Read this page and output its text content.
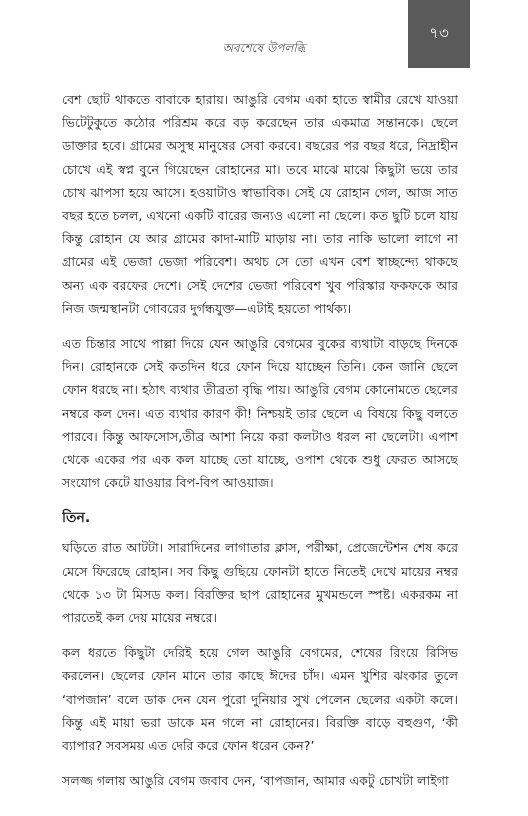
অবশেষে উপলব্ধি
৭৩

বেশ ছোট থাকতে বাবাকে হারায়। আঙুরি বেগম একা হাতে স্বামীর রেখে যাওয়া ভিটেটুকুতে কঠোর পরিশ্রম করে বড় করেছেন তার একমাত্র সন্তানকে। ছেলে ডাক্তার হবে। গ্রামের অসুস্থ মানুষের সেবা করবে। বছরের পর বছর ধরে, নিদ্রাহীন চোখে এই স্বপ্ন বুনে গিয়েছেন রোহানের মা। তবে মাঝে মাঝে কিছুটা ভয়ে তার চোখ ঝাপসা হয়ে আসে। হওয়াটাও স্বাভাবিক। সেই যে রোহান গেল, আজ সাত বছর হতে চলল, এখনো একটি বারের জন্যও এলো না ছেলে। কত ছুটি চলে যায় কিন্তু রোহান যে আর গ্রামের কাদা-মাটি মাড়ায় না। তার নাকি ভালো লাগে না গ্রামের এই ভেজা ভেজা পরিবেশ। অথচ সে তো এখন বেশ স্বাচ্ছন্দ্যে থাকছে অন্য এক বরফের দেশে। সেই দেশের ভেজা পরিবেশ খুব পরিস্কার ফকফকে আর নিজ জন্মস্থানটা গোবরের দুর্গন্ধযুক্ত—এটাই হয়তো পার্থক্য।

এত চিন্তার সাথে পাল্লা দিয়ে যেন আঙুরি বেগমের বুকের ব্যথাটা বাড়ছে দিনকে দিন। রোহানকে সেই কতদিন ধরে ফোন দিয়ে যাচ্ছেন তিনি। কেন জানি ছেলে ফোন ধরছে না। হঠাৎ ব্যথার তীব্রতা বৃদ্ধি পায়। আঙুরি বেগম কোনোমতে ছেলের নম্বরে কল দেন। এত ব্যথার কারণ কী! নিশ্চয়ই তার ছেলে এ বিষয়ে কিছু বলতে পারবে। কিন্তু আফসোস,তীব্র আশা নিয়ে করা কলটাও ধরল না ছেলেটা। এপাশ থেকে একের পর এক কল যাচ্ছে তো যাচ্ছে, ওপাশ থেকে শুধু ফেরত আসছে সংযোগ কেটে যাওয়ার বিপ-বিপ আওয়াজ।

তিন.

ঘড়িতে রাত আটটা। সারাদিনের লাগাতার ক্লাস, পরীক্ষা, প্রেজেন্টেশন শেষ করে মেসে ফিরেছে রোহান। সব কিছু গুছিয়ে ফোনটা হাতে নিতেই দেখে মায়ের নম্বর থেকে ১৩ টা মিসড কল। বিরক্তির ছাপ রোহানের মুখমন্ডলে স্পষ্ট। একরকম না পারতেই কল দেয় মায়ের নম্বরে।

কল ধরতে কিছুটা দেরিই হয়ে গেল আঙুরি বেগমের, শেষের রিংয়ে রিসিভ করলেন। ছেলের ফোন মানে তার কাছে ঈদের চাঁদ। এমন খুশির ঝংকার তুলে ‘বাপজান’ বলে ডাক দেন যেন পুরো দুনিয়ার সুখ পেলেন ছেলের একটা কলে। কিন্তু এই মায়া ভরা ডাকে মন গলে না রোহানের। বিরক্তি বাড়ে বহুগুণ, ‘কী ব্যাপার? সবসময় এত দেরি করে ফোন ধরেন কেন?’

সলজ্জ গলায় আঙুরি বেগম জবাব দেন, ‘বাপজান, আমার একটু চোখটা লাইগা
